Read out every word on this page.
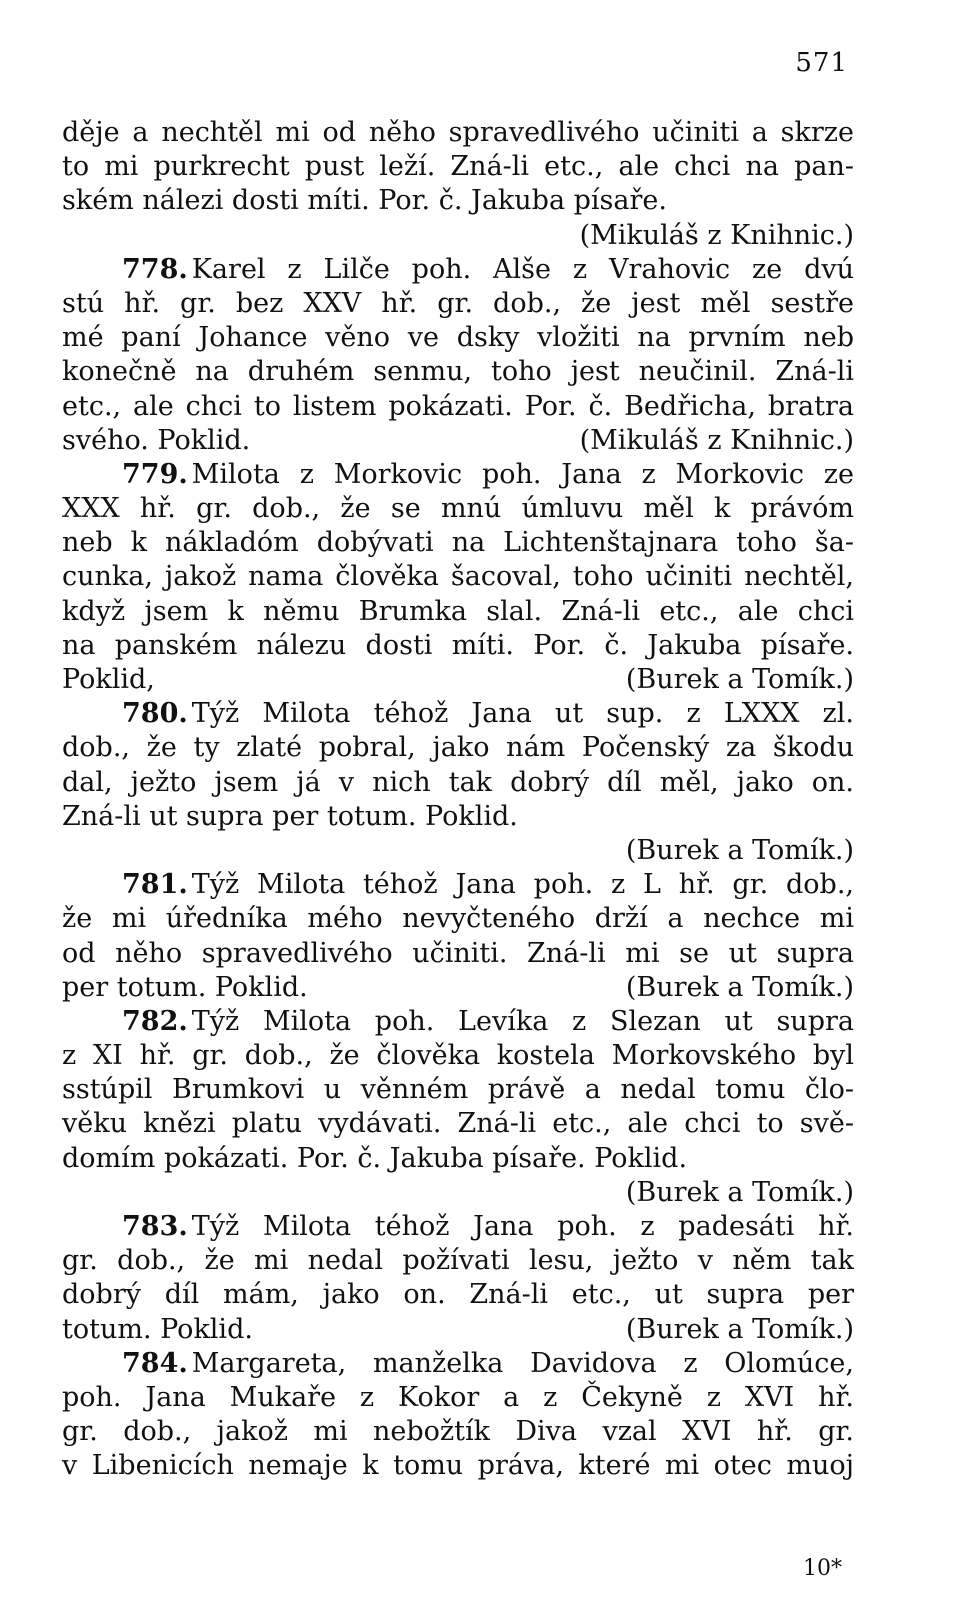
571
děje a nechtěl mi od něho spravedlivého učiniti a skrze
to mi purkrecht pust leží. Zná-li etc., ale chci na pan-
ském nálezi dosti míti. Por. č. Jakuba písaře.
(Mikuláš z Knihnic.)
778. Karel z Lilče poh. Alše z Vrahovic ze dvú
stú hř. gr. bez XXV hř. gr. dob., že jest měl sestře
mé paní Johance věno ve dsky vložiti na prvním neb
konečně na druhém senmu, toho jest neučinil. Zná-li
etc., ale chci to listem pokázati. Por. č. Bedřicha, bratra
svého. Poklid.	(Mikuláš z Knihnic.)
779. Milota z Morkovic poh. Jana z Morkovic ze
XXX hř. gr. dob., že se mnú úmluvu měl k právóm
neb k nákladóm dobývati na Lichtenštajnara toho ša-
cunka, jakož nama člověka šacoval, toho učiniti nechtěl,
když jsem k němu Brumka slal. Zná-li etc., ale chci
na panském nálezu dosti míti. Por. č. Jakuba písaře.
Poklid,	(Burek a Tomík.)
780. Týž Milota téhož Jana ut sup. z LXXX zl.
dob., že ty zlaté pobral, jako nám Počenský za škodu
dal, ježto jsem já v nich tak dobrý díl měl, jako on.
Zná-li ut supra per totum. Poklid.
(Burek a Tomík.)
781. Týž Milota téhož Jana poh. z L hř. gr. dob.,
že mi úředníka mého nevyčteného drží a nechce mi
od něho spravedlivého učiniti. Zná-li mi se ut supra
per totum. Poklid.	(Burek a Tomík.)
782. Týž Milota poh. Levíka z Slezan ut supra
z XI hř. gr. dob., že člověka kostela Morkovského byl
sstúpil Brumkovi u věnném právě a nedal tomu člo-
věku knězi platu vydávati. Zná-li etc., ale chci to svě-
domím pokázati. Por. č. Jakuba písaře. Poklid.
(Burek a Tomík.)
783. Týž Milota téhož Jana poh. z padesáti hř.
gr. dob., že mi nedal požívati lesu, ježto v něm tak
dobrý díl mám, jako on. Zná-li etc., ut supra per
totum. Poklid.	(Burek a Tomík.)
784. Margareta, manželka Davidova z Olomúce,
poh. Jana Mukaře z Kokor a z Čekyně z XVI hř.
gr. dob., jakož mi nebožtík Diva vzal XVI hř. gr.
v Libenicích nemaje k tomu práva, které mi otec muoj
10*
